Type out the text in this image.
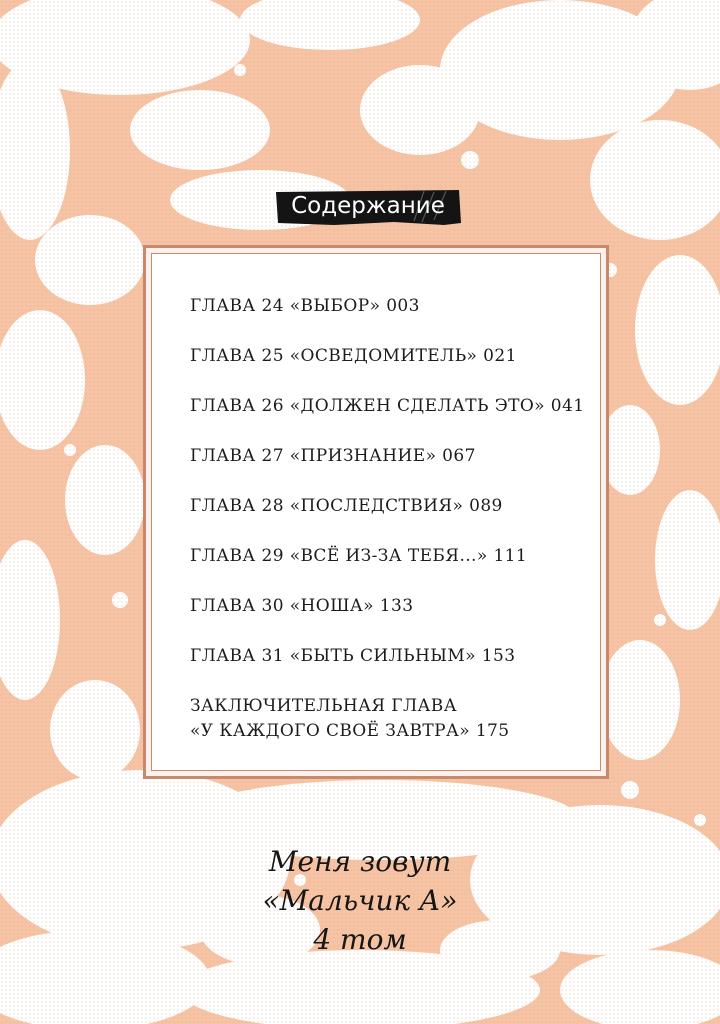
Содержание
ГЛАВА 24 «ВЫБОР» 003
ГЛАВА 25 «ОСВЕДОМИТЕЛЬ» 021
ГЛАВА 26 «ДОЛЖЕН СДЕЛАТЬ ЭТО» 041
ГЛАВА 27 «ПРИЗНАНИЕ» 067
ГЛАВА 28 «ПОСЛЕДСТВИЯ» 089
ГЛАВА 29 «ВСЁ ИЗ-ЗА ТЕБЯ...» 111
ГЛАВА 30 «НОША» 133
ГЛАВА 31 «БЫТЬ СИЛЬНЫМ» 153
ЗАКЛЮЧИТЕЛЬНАЯ ГЛАВА
«У КАЖДОГО СВОЁ ЗАВТРА» 175
Меня зовут
«Мальчик А»
4 том
